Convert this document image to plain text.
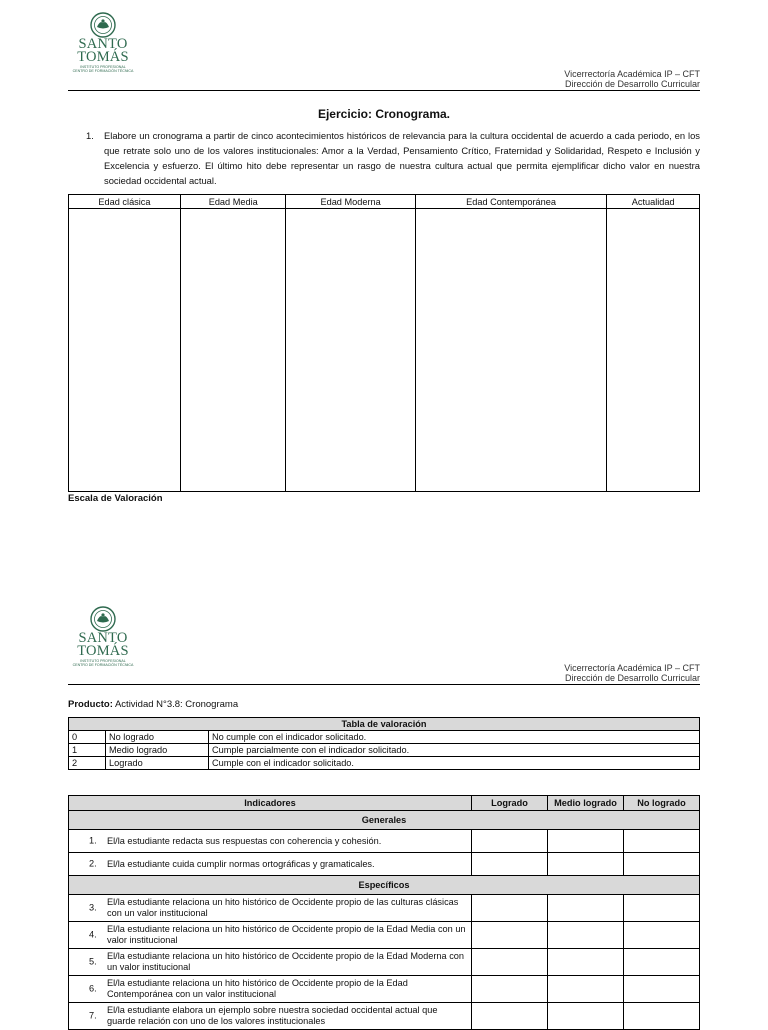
SANTO
TOMÁS
INSTITUTO PROFESIONAL
CENTRO DE FORMACIÓN TÉCNICA	Vicerrectoría Académica IP – CFT
Dirección de Desarrollo Curricular
Ejercicio: Cronograma.
1. Elabore un cronograma a partir de cinco acontecimientos históricos de relevancia para la cultura occidental de acuerdo a cada periodo, en los que retrate solo uno de los valores institucionales: Amor a la Verdad, Pensamiento Crítico, Fraternidad y Solidaridad, Respeto e Inclusión y Excelencia y esfuerzo. El último hito debe representar un rasgo de nuestra cultura actual que permita ejemplificar dicho valor en nuestra sociedad occidental actual.
Edad clásica	Edad Media	Edad Moderna	Edad Contemporánea	Actualidad

Escala de Valoración
SANTO
TOMÁS
INSTITUTO PROFESIONAL
CENTRO DE FORMACIÓN TÉCNICA	Vicerrectoría Académica IP – CFT
Dirección de Desarrollo Curricular
Producto: Actividad N°3.8: Cronograma
Tabla de valoración		
0	No logrado	No cumple con el indicador solicitado.
1	Medio logrado	Cumple parcialmente con el indicador solicitado.
2	Logrado	Cumple con el indicador solicitado.
Indicadores	Logrado	Medio logrado	No logrado
Generales			

1. El/la estudiante redacta sus respuestas con coherencia y cohesión.			

2. El/la estudiante cuida cumplir normas ortográficas y gramaticales.			
Específicos			

3.
El/la estudiante relaciona un hito histórico de Occidente propio de las culturas clásicas con un valor institucional			

4.
El/la estudiante relaciona un hito histórico de Occidente propio de la Edad Media con un valor institucional			

5.
El/la estudiante relaciona un hito histórico de Occidente propio de la Edad Moderna con un valor institucional			

6.
El/la estudiante relaciona un hito histórico de Occidente propio de la Edad Contemporánea con un valor institucional			

7.
El/la estudiante elabora un ejemplo sobre nuestra sociedad occidental actual que guarde relación con uno de los valores institucionales			
